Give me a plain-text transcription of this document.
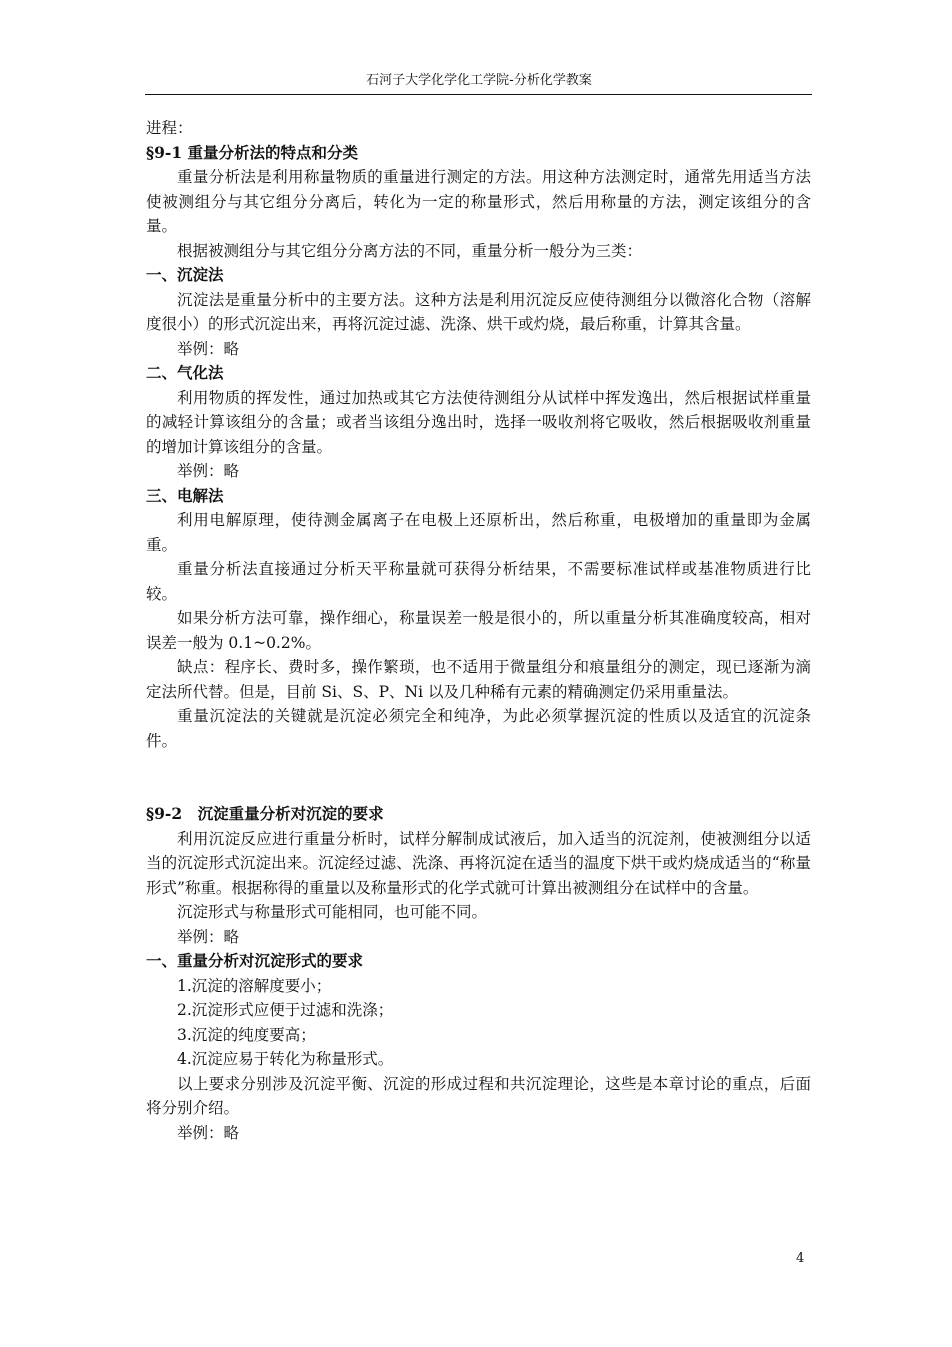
石河子大学化学化工学院-分析化学教案

进程：

§9-1 重量分析法的特点和分类

重量分析法是利用称量物质的重量进行测定的方法。用这种方法测定时，通常先用适当方法使被测组分与其它组分分离后，转化为一定的称量形式，然后用称量的方法，测定该组分的含量。

根据被测组分与其它组分分离方法的不同，重量分析一般分为三类：

一、沉淀法

沉淀法是重量分析中的主要方法。这种方法是利用沉淀反应使待测组分以微溶化合物（溶解度很小）的形式沉淀出来，再将沉淀过滤、洗涤、烘干或灼烧，最后称重，计算其含量。

举例：略

二、气化法

利用物质的挥发性，通过加热或其它方法使待测组分从试样中挥发逸出，然后根据试样重量的减轻计算该组分的含量；或者当该组分逸出时，选择一吸收剂将它吸收，然后根据吸收剂重量的增加计算该组分的含量。

举例：略

三、电解法

利用电解原理，使待测金属离子在电极上还原析出，然后称重，电极增加的重量即为金属重。

重量分析法直接通过分析天平称量就可获得分析结果，不需要标准试样或基准物质进行比较。

如果分析方法可靠，操作细心，称量误差一般是很小的，所以重量分析其准确度较高，相对误差一般为 0.1~0.2%。

缺点：程序长、费时多，操作繁琐，也不适用于微量组分和痕量组分的测定，现已逐渐为滴定法所代替。但是，目前 Si、S、P、Ni 以及几种稀有元素的精确测定仍采用重量法。

重量沉淀法的关键就是沉淀必须完全和纯净，为此必须掌握沉淀的性质以及适宜的沉淀条件。

§9-2　沉淀重量分析对沉淀的要求

利用沉淀反应进行重量分析时，试样分解制成试液后，加入适当的沉淀剂，使被测组分以适当的沉淀形式沉淀出来。沉淀经过滤、洗涤、再将沉淀在适当的温度下烘干或灼烧成适当的“称量形式”称重。根据称得的重量以及称量形式的化学式就可计算出被测组分在试样中的含量。

沉淀形式与称量形式可能相同，也可能不同。

举例：略

一、重量分析对沉淀形式的要求

1.沉淀的溶解度要小；

2.沉淀形式应便于过滤和洗涤；

3.沉淀的纯度要高；

4.沉淀应易于转化为称量形式。

以上要求分别涉及沉淀平衡、沉淀的形成过程和共沉淀理论，这些是本章讨论的重点，后面将分别介绍。

举例：略

4
